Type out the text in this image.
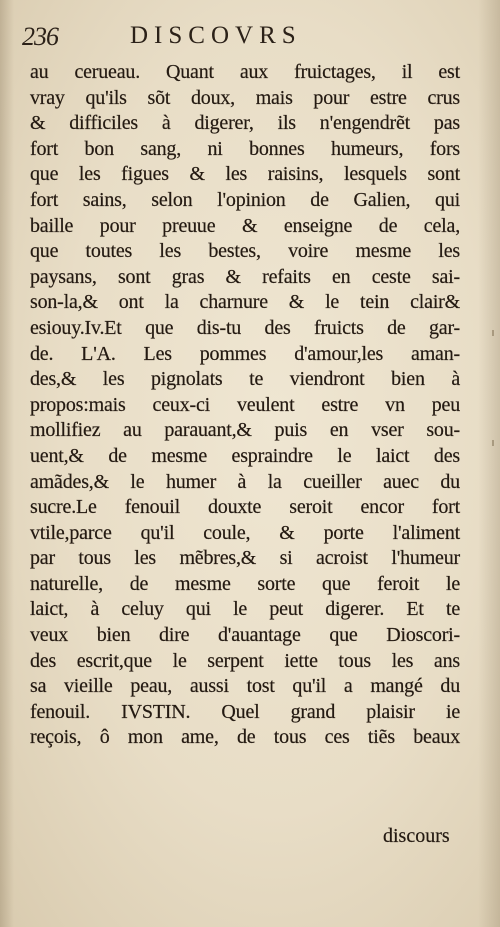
236	DISCOVRS
au cerueau. Quant aux fruictages, il est
vray qu'ils sõt doux, mais pour estre crus
& difficiles à digerer, ils n'engendrẽt pas
fort bon sang, ni bonnes humeurs, fors
que les figues & les raisins, lesquels sont
fort sains, selon l'opinion de Galien, qui
baille pour preuue & enseigne de cela,
que toutes les bestes, voire mesme les
paysans, sont gras & refaits en ceste sai-
son-la,& ont la charnure & le tein clair&
esiouy.Iv.Et que dis-tu des fruicts de gar-
de. L'A. Les pommes d'amour,les aman-
des,& les pignolats te viendront bien à
propos:mais ceux-ci veulent estre vn peu
mollifiez au parauant,& puis en vser sou-
uent,& de mesme espraindre le laict des
amãdes,& le humer à la cueiller auec du
sucre.Le fenouil douxte seroit encor fort
vtile,parce qu'il coule, & porte l'aliment
par tous les mẽbres,& si acroist l'humeur
naturelle, de mesme sorte que feroit le
laict, à celuy qui le peut digerer. Et te
veux bien dire d'auantage que Dioscori-
des escrit,que le serpent iette tous les ans
sa vieille peau, aussi tost qu'il a mangé du
fenouil. IVSTIN. Quel grand plaisir ie
reçois, ô mon ame, de tous ces tiẽs beaux
discours
